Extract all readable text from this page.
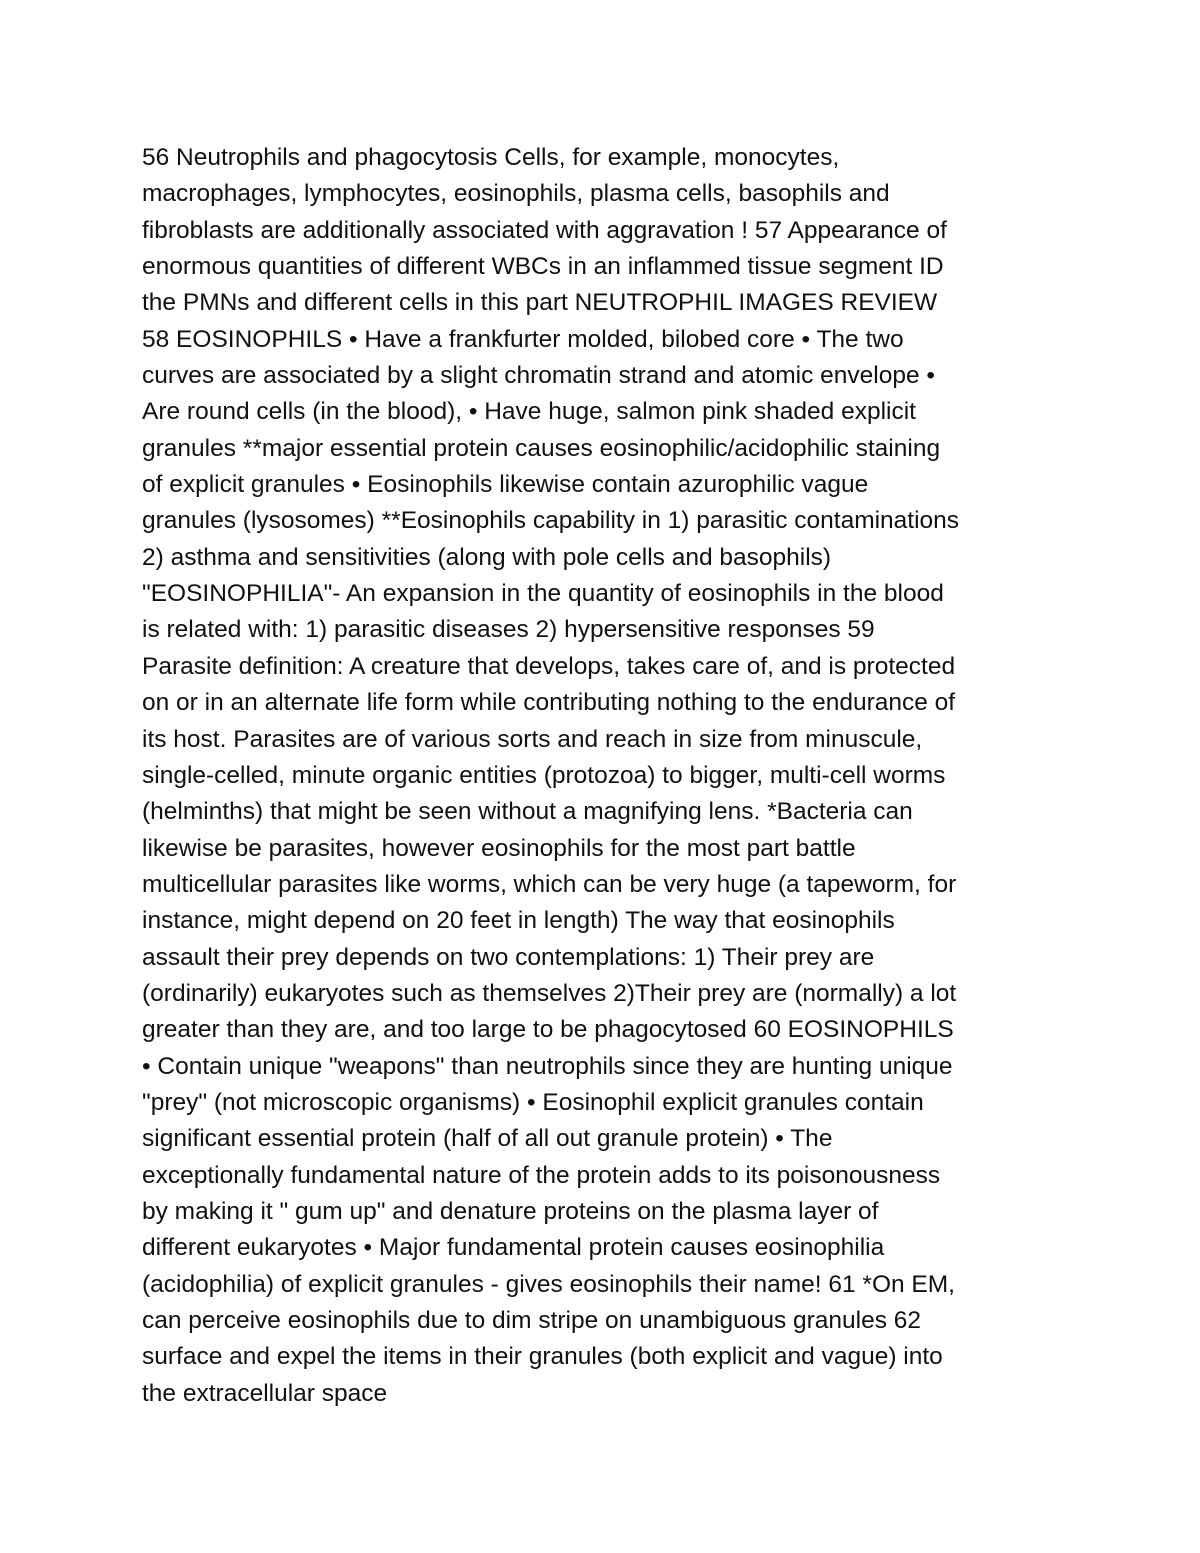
56 Neutrophils and phagocytosis Cells, for example, monocytes,
macrophages, lymphocytes, eosinophils, plasma cells, basophils and
fibroblasts are additionally associated with aggravation ! 57 Appearance of
enormous quantities of different WBCs in an inflammed tissue segment ID
the PMNs and different cells in this part NEUTROPHIL IMAGES REVIEW
58 EOSINOPHILS • Have a frankfurter molded, bilobed core • The two
curves are associated by a slight chromatin strand and atomic envelope •
Are round cells (in the blood), • Have huge, salmon pink shaded explicit
granules **major essential protein causes eosinophilic/acidophilic staining
of explicit granules • Eosinophils likewise contain azurophilic vague
granules (lysosomes) **Eosinophils capability in 1) parasitic contaminations
2) asthma and sensitivities (along with pole cells and basophils)
"EOSINOPHILIA"- An expansion in the quantity of eosinophils in the blood
is related with: 1) parasitic diseases 2) hypersensitive responses 59
Parasite definition: A creature that develops, takes care of, and is protected
on or in an alternate life form while contributing nothing to the endurance of
its host. Parasites are of various sorts and reach in size from minuscule,
single-celled, minute organic entities (protozoa) to bigger, multi-cell worms
(helminths) that might be seen without a magnifying lens. *Bacteria can
likewise be parasites, however eosinophils for the most part battle
multicellular parasites like worms, which can be very huge (a tapeworm, for
instance, might depend on 20 feet in length) The way that eosinophils
assault their prey depends on two contemplations: 1) Their prey are
(ordinarily) eukaryotes such as themselves 2)Their prey are (normally) a lot
greater than they are, and too large to be phagocytosed 60 EOSINOPHILS
• Contain unique "weapons" than neutrophils since they are hunting unique
"prey" (not microscopic organisms) • Eosinophil explicit granules contain
significant essential protein (half of all out granule protein) • The
exceptionally fundamental nature of the protein adds to its poisonousness
by making it " gum up" and denature proteins on the plasma layer of
different eukaryotes • Major fundamental protein causes eosinophilia
(acidophilia) of explicit granules - gives eosinophils their name! 61 *On EM,
can perceive eosinophils due to dim stripe on unambiguous granules 62
surface and expel the items in their granules (both explicit and vague) into
the extracellular space
